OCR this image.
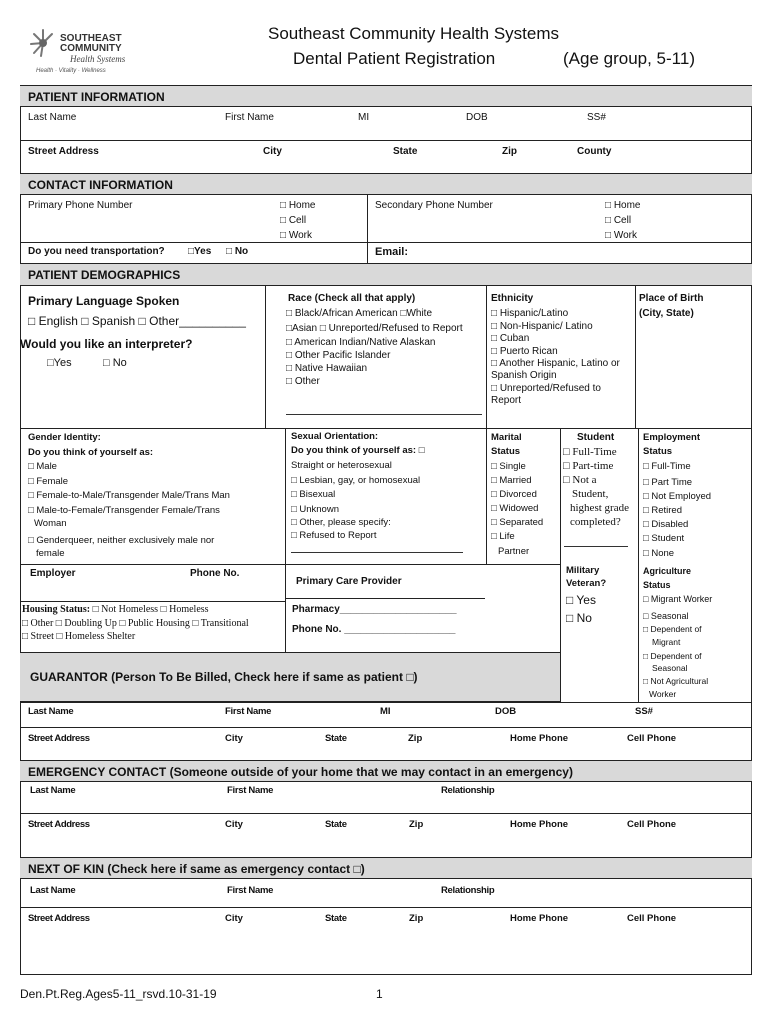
SOUTHEAST
COMMUNITY
Health Systems
Health · Vitality · Wellness
Southeast Community Health Systems
Dental Patient Registration	(Age group, 5-11)
PATIENT INFORMATION
Last Name	First Name	MI	DOB	SS#
Street Address	City	State	Zip	County
CONTACT INFORMATION
Primary Phone Number	□ Home
□ Cell
□ Work
Secondary Phone Number	□ Home
□ Cell
□ Work
Do you need transportation? □Yes □ No	Email:
PATIENT DEMOGRAPHICS
Primary Language Spoken
□ English □ Spanish □ Other__________
Would you like an interpreter?
□Yes	□ No
Race (Check all that apply)
□ Black/African American □White
□Asian □ Unreported/Refused to Report
□ American Indian/Native Alaskan
□ Other Pacific Islander
□ Native Hawaiian
□ Other
Ethnicity
□ Hispanic/Latino
□ Non-Hispanic/ Latino
□ Cuban
□ Puerto Rican
□ Another Hispanic, Latino or
Spanish Origin
□ Unreported/Refused to
Report
Place of Birth
(City, State)
Gender Identity:
Do you think of yourself as:
□ Male
□ Female
□ Female-to-Male/Transgender Male/Trans Man
□ Male-to-Female/Transgender Female/Trans
Woman
□ Genderqueer, neither exclusively male nor
female
Sexual Orientation:
Do you think of yourself as: □
Straight or heterosexual
□ Lesbian, gay, or homosexual
□ Bisexual
□ Unknown
□ Other, please specify:
□ Refused to Report
Marital
Status
□ Single
□ Married
□ Divorced
□ Widowed
□ Separated
□ Life
Partner
Student
□ Full-Time
□ Part-time
□ Not a
Student,
highest grade
completed?
Employment
Status
□ Full-Time
□ Part Time
□ Not Employed
□ Retired
□ Disabled
□ Student
□ None
Employer	Phone No.
Primary Care Provider
Pharmacy_____________________
Phone No. ____________________
Housing Status: □ Not Homeless □ Homeless
□ Other □ Doubling Up □ Public Housing □ Transitional
□ Street □ Homeless Shelter
Military
Veteran?
□ Yes
□ No
Agriculture
Status
□ Migrant Worker
□ Seasonal
□ Dependent of
Migrant
□ Dependent of
Seasonal
□ Not Agricultural
Worker
GUARANTOR (Person To Be Billed, Check here if same as patient □)
Last Name	First Name	MI	DOB	SS#
Street Address	City	State	Zip	Home Phone	Cell Phone
EMERGENCY CONTACT (Someone outside of your home that we may contact in an emergency)
Last Name	First Name	Relationship
Street Address	City	State	Zip	Home Phone	Cell Phone
NEXT OF KIN (Check here if same as emergency contact □)
Last Name	First Name	Relationship
Street Address	City	State	Zip	Home Phone	Cell Phone
Den.Pt.Reg.Ages5-11_rsvd.10-31-19	1
